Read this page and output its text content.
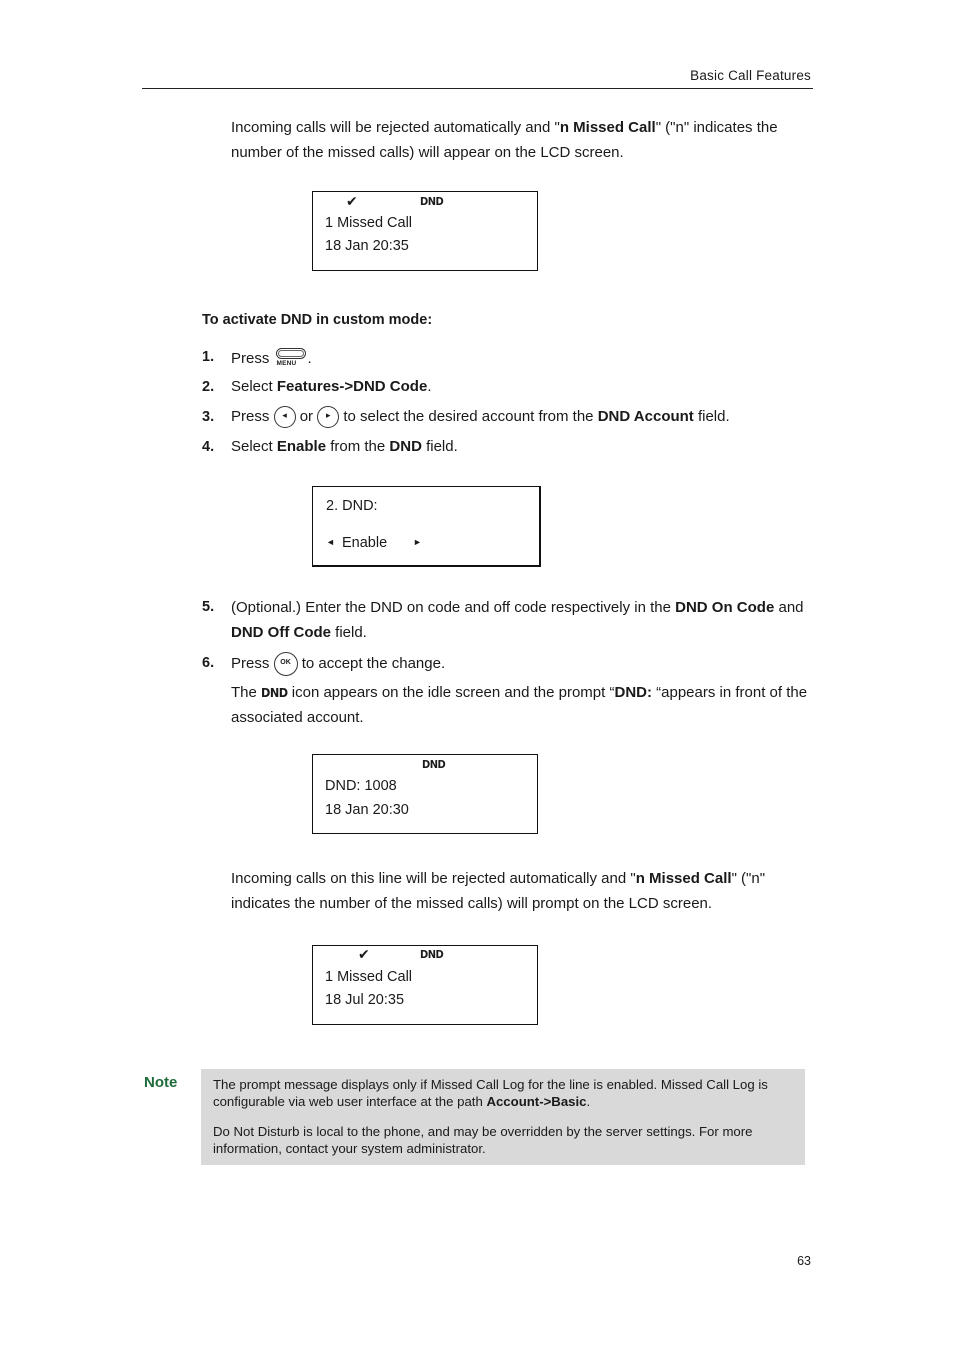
Basic Call Features
Incoming calls will be rejected automatically and "n Missed Call" ("n" indicates the number of the missed calls) will appear on the LCD screen.
✔	DND
1 Missed Call
18 Jan 20:35
To activate DND in custom mode:
1. Press MENU .
2. Select Features->DND Code.
3. Press	◂ or	▸ to select the desired account from the DND Account field.
4. Select Enable from the DND field.
2. DND:
◄ Enable	►
5. (Optional.) Enter the DND on code and off code respectively in the DND On Code and DND Off Code field.
6. Press	OK to accept the change.
The DND icon appears on the idle screen and the prompt “DND: “appears in front of the associated account.
DND
DND: 1008
18 Jan 20:30
Incoming calls on this line will be rejected automatically and "n Missed Call" ("n" indicates the number of the missed calls) will prompt on the LCD screen.
✔	DND
1 Missed Call
18 Jul 20:35
Note	The prompt message displays only if Missed Call Log for the line is enabled. Missed Call Log is configurable via web user interface at the path Account->Basic.

Do Not Disturb is local to the phone, and may be overridden by the server settings. For more information, contact your system administrator.

63
